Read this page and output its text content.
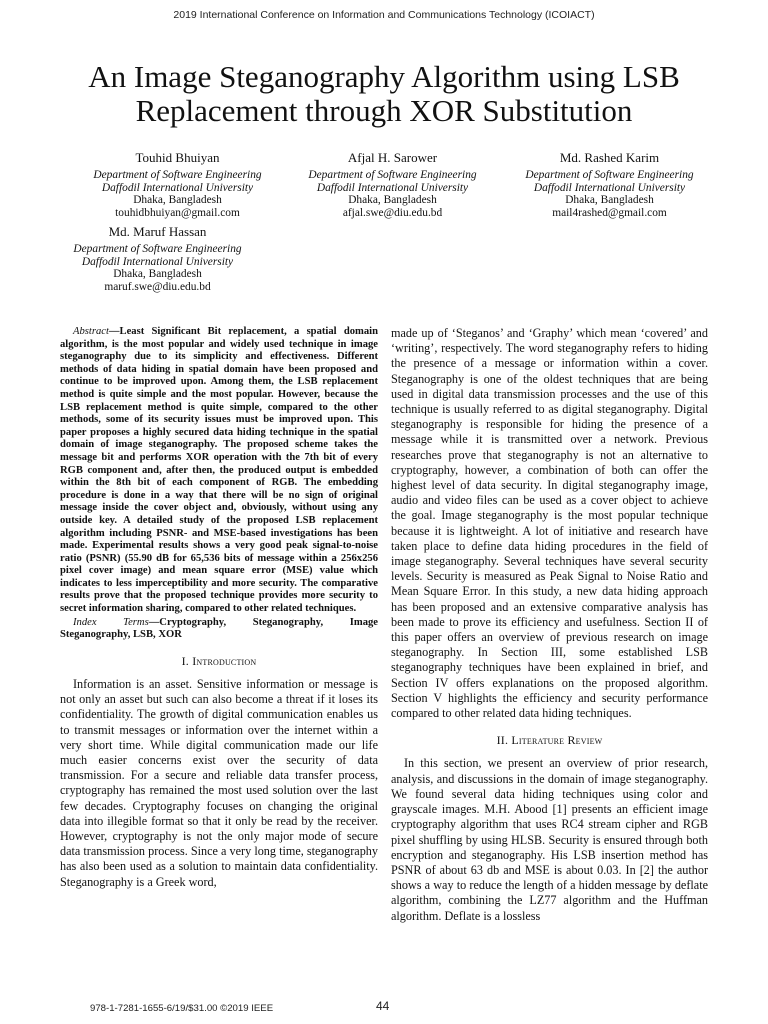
2019 International Conference on Information and Communications Technology (ICOIACT)
An Image Steganography Algorithm using LSB
Replacement through XOR Substitution
Touhid Bhuiyan
Department of Software Engineering
Daffodil International University
Dhaka, Bangladesh
touhidbhuiyan@gmail.com
Afjal H. Sarower
Department of Software Engineering
Daffodil International University
Dhaka, Bangladesh
afjal.swe@diu.edu.bd
Md. Rashed Karim
Department of Software Engineering
Daffodil International University
Dhaka, Bangladesh
mail4rashed@gmail.com
Md. Maruf Hassan
Department of Software Engineering
Daffodil International University
Dhaka, Bangladesh
maruf.swe@diu.edu.bd

Abstract—Least Significant Bit replacement, a spatial domain algorithm, is the most popular and widely used technique in image steganography due to its simplicity and effectiveness. Different methods of data hiding in spatial domain have been proposed and continue to be improved upon. Among them, the LSB replacement method is quite simple and the most popular. However, because the LSB replacement method is quite simple, compared to the other methods, some of its security issues must be improved upon. This paper proposes a highly secured data hiding technique in the spatial domain of image steganography. The proposed scheme takes the message bit and performs XOR operation with the 7th bit of every RGB component and, after then, the produced output is embedded within the 8th bit of each component of RGB. The embedding procedure is done in a way that there will be no sign of original message inside the cover object and, obviously, without using any outside key. A detailed study of the proposed LSB replacement algorithm including PSNR- and MSE-based investigations has been made. Experimental results shows a very good peak signal-to-noise ratio (PSNR) (55.90 dB for 65,536 bits of message within a 256x256 pixel cover image) and mean square error (MSE) value which indicates to less imperceptibility and more security. The comparative results prove that the proposed technique provides more security to secret information sharing, compared to other related techniques.

Index Terms—Cryptography, Steganography, Image Steganography, LSB, XOR

I. Introduction

Information is an asset. Sensitive information or message is not only an asset but such can also become a threat if it loses its confidentiality. The growth of digital communication enables us to transmit messages or information over the internet within a very short time. While digital communication made our life much easier concerns exist over the security of data transmission. For a secure and reliable data transfer process, cryptography has remained the most used solution over the last few decades. Cryptography focuses on changing the original data into illegible format so that it only be read by the receiver. However, cryptography is not the only major mode of secure data transmission process. Since a very long time, steganography has also been used as a solution to maintain data confidentiality. Steganography is a Greek word,

made up of ‘Steganos’ and ‘Graphy’ which mean ‘covered’ and ‘writing’, respectively. The word steganography refers to hiding the presence of a message or information within a cover. Steganography is one of the oldest techniques that are being used in digital data transmission processes and the use of this technique is usually referred to as digital steganography. Digital steganography is responsible for hiding the presence of a message while it is transmitted over a network. Previous researches prove that steganography is not an alternative to cryptography, however, a combination of both can offer the highest level of data security. In digital steganography image, audio and video files can be used as a cover object to achieve the goal. Image steganography is the most popular technique because it is lightweight. A lot of initiative and research have taken place to define data hiding procedures in the field of image steganography. Several techniques have several security levels. Security is measured as Peak Signal to Noise Ratio and Mean Square Error. In this study, a new data hiding approach has been proposed and an extensive comparative analysis has been made to prove its efficiency and usefulness. Section II of this paper offers an overview of previous research on image steganography. In Section III, some established LSB steganography techniques have been explained in brief, and Section IV offers explanations on the proposed algorithm. Section V highlights the efficiency and security performance compared to other related data hiding techniques.

II. Literature Review

In this section, we present an overview of prior research, analysis, and discussions in the domain of image steganography. We found several data hiding techniques using color and grayscale images. M.H. Abood [1] presents an efficient image cryptography algorithm that uses RC4 stream cipher and RGB pixel shuffling by using HLSB. Security is ensured through both encryption and steganography. His LSB insertion method has PSNR of about 63 db and MSE is about 0.03. In [2] the author shows a way to reduce the length of a hidden message by deflate algorithm, combining the LZ77 algorithm and the Huffman algorithm. Deflate is a lossless

978-1-7281-1655-6/19/$31.00 ©2019 IEEE	44
